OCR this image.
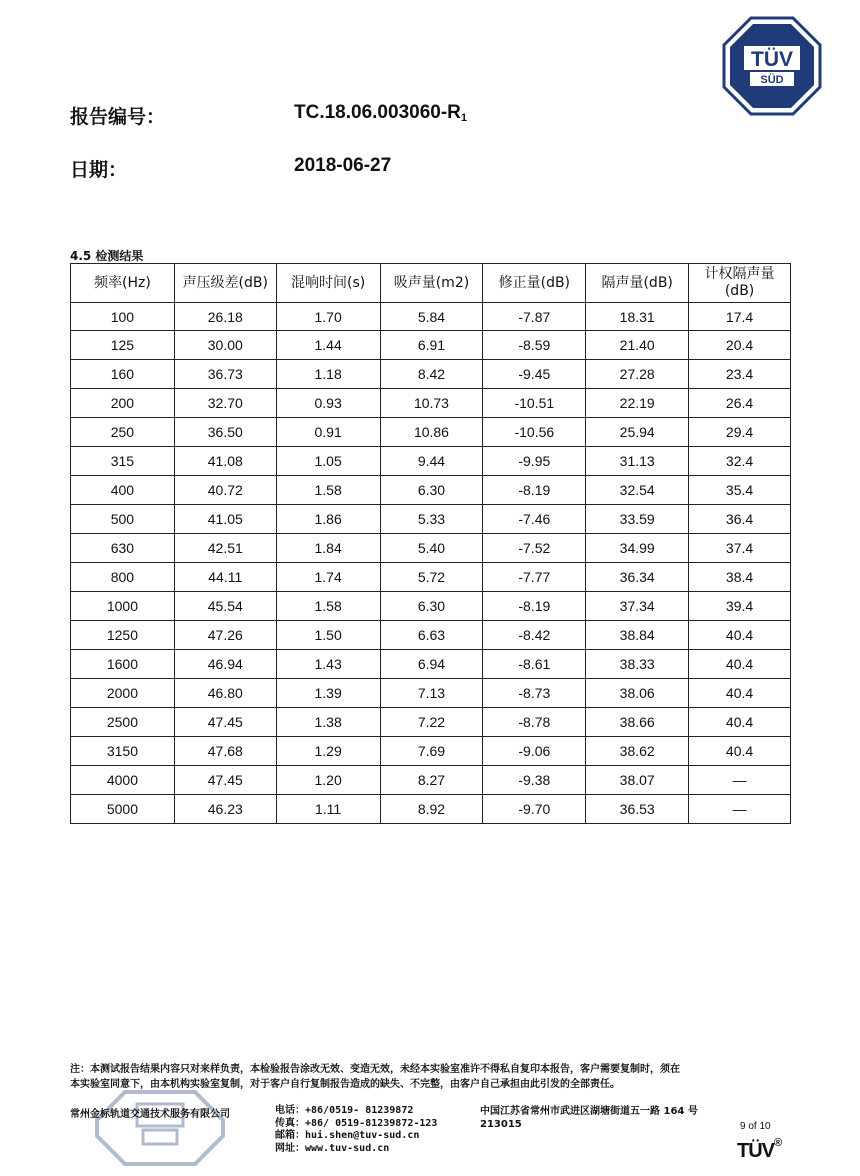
TÜV
SÜD
报告编号：	$TC.18.06.003060-R_1$
日期：	2018-06-27
4.5 检测结果
频率(Hz)	声压级差(dB)	混响时间(s)	吸声量(m2)	修正量(dB)	隔声量(dB)	计权隔声量 (dB)
100	26.18	1.70	5.84	-7.87	18.31	17.4
125	30.00	1.44	6.91	-8.59	21.40	20.4
160	36.73	1.18	8.42	-9.45	27.28	23.4
200	32.70	0.93	10.73	-10.51	22.19	26.4
250	36.50	0.91	10.86	-10.56	25.94	29.4
315	41.08	1.05	9.44	-9.95	31.13	32.4
400	40.72	1.58	6.30	-8.19	32.54	35.4
500	41.05	1.86	5.33	-7.46	33.59	36.4
630	42.51	1.84	5.40	-7.52	34.99	37.4
800	44.11	1.74	5.72	-7.77	36.34	38.4
1000	45.54	1.58	6.30	-8.19	37.34	39.4
1250	47.26	1.50	6.63	-8.42	38.84	40.4
1600	46.94	1.43	6.94	-8.61	38.33	40.4
2000	46.80	1.39	7.13	-8.73	38.06	40.4
2500	47.45	1.38	7.22	-8.78	38.66	40.4
3150	47.68	1.29	7.69	-9.06	38.62	40.4
4000	47.45	1.20	8.27	-9.38	38.07	—
5000	46.23	1.11	8.92	-9.70	36.53	—
注：本测试报告结果内容只对来样负责，本检验报告涂改无效、变造无效，未经本实验室准许不得私自复印本报告，客户需要复制时，须在
本实验室同意下，由本机构实验室复制，对于客户自行复制报告造成的缺失、不完整，由客户自己承担由此引发的全部责任。
常州金标轨道交通技术服务有限公司	电话：+86/0519- 81239872
传真：+86/ 0519-81239872-123
邮箱：hui.shen@tuv-sud.cn
网址：www.tuv-sud.cn
中国江苏省常州市武进区湖塘街道五一路 164 号
213015	9 of 10
TÜV®
